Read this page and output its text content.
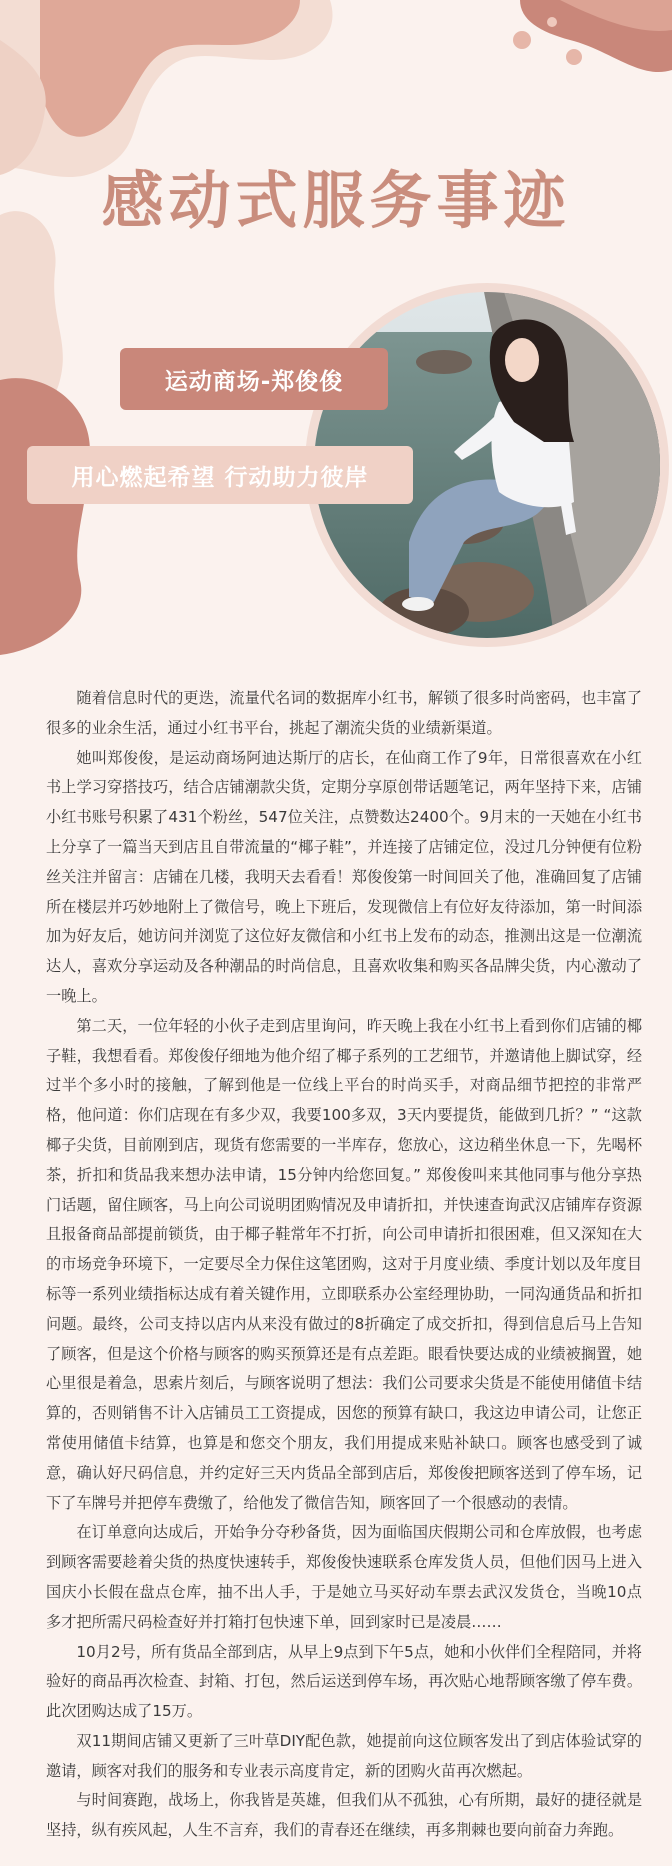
感动式服务事迹
运动商场-郑俊俊
用心燃起希望 行动助力彼岸

随着信息时代的更迭，流量代名词的数据库小红书，解锁了很多时尚密码，也丰富了很多的业余生活，通过小红书平台，挑起了潮流尖货的业绩新渠道。

她叫郑俊俊，是运动商场阿迪达斯厅的店长，在仙商工作了9年，日常很喜欢在小红书上学习穿搭技巧，结合店铺潮款尖货，定期分享原创带话题笔记，两年坚持下来，店铺小红书账号积累了431个粉丝，547位关注，点赞数达2400个。9月末的一天她在小红书上分享了一篇当天到店且自带流量的“椰子鞋”，并连接了店铺定位，没过几分钟便有位粉丝关注并留言：店铺在几楼，我明天去看看！郑俊俊第一时间回关了他，准确回复了店铺所在楼层并巧妙地附上了微信号，晚上下班后，发现微信上有位好友待添加，第一时间添加为好友后，她访问并浏览了这位好友微信和小红书上发布的动态，推测出这是一位潮流达人，喜欢分享运动及各种潮品的时尚信息，且喜欢收集和购买各品牌尖货，内心激动了一晚上。

第二天，一位年轻的小伙子走到店里询问，昨天晚上我在小红书上看到你们店铺的椰子鞋，我想看看。郑俊俊仔细地为他介绍了椰子系列的工艺细节，并邀请他上脚试穿，经过半个多小时的接触，了解到他是一位线上平台的时尚买手，对商品细节把控的非常严格，他问道：你们店现在有多少双，我要100多双，3天内要提货，能做到几折？” “这款椰子尖货，目前刚到店，现货有您需要的一半库存，您放心，这边稍坐休息一下，先喝杯茶，折扣和货品我来想办法申请，15分钟内给您回复。” 郑俊俊叫来其他同事与他分享热门话题，留住顾客，马上向公司说明团购情况及申请折扣，并快速查询武汉店铺库存资源且报备商品部提前锁货，由于椰子鞋常年不打折，向公司申请折扣很困难，但又深知在大的市场竞争环境下，一定要尽全力保住这笔团购，这对于月度业绩、季度计划以及年度目标等一系列业绩指标达成有着关键作用，立即联系办公室经理协助，一同沟通货品和折扣问题。最终，公司支持以店内从来没有做过的8折确定了成交折扣，得到信息后马上告知了顾客，但是这个价格与顾客的购买预算还是有点差距。眼看快要达成的业绩被搁置，她心里很是着急，思索片刻后，与顾客说明了想法：我们公司要求尖货是不能使用储值卡结算的，否则销售不计入店铺员工工资提成，因您的预算有缺口，我这边申请公司，让您正常使用储值卡结算，也算是和您交个朋友，我们用提成来贴补缺口。顾客也感受到了诚意，确认好尺码信息，并约定好三天内货品全部到店后，郑俊俊把顾客送到了停车场，记下了车牌号并把停车费缴了，给他发了微信告知，顾客回了一个很感动的表情。

在订单意向达成后，开始争分夺秒备货，因为面临国庆假期公司和仓库放假，也考虑到顾客需要趁着尖货的热度快速转手，郑俊俊快速联系仓库发货人员，但他们因马上进入国庆小长假在盘点仓库，抽不出人手，于是她立马买好动车票去武汉发货仓，当晚10点多才把所需尺码检查好并打箱打包快速下单，回到家时已是凌晨……

10月2号，所有货品全部到店，从早上9点到下午5点，她和小伙伴们全程陪同，并将验好的商品再次检查、封箱、打包，然后运送到停车场，再次贴心地帮顾客缴了停车费。此次团购达成了15万。

双11期间店铺又更新了三叶草DIY配色款，她提前向这位顾客发出了到店体验试穿的邀请，顾客对我们的服务和专业表示高度肯定，新的团购火苗再次燃起。

与时间赛跑，战场上，你我皆是英雄，但我们从不孤独，心有所期，最好的捷径就是坚持，纵有疾风起，人生不言弃，我们的青春还在继续，再多荆棘也要向前奋力奔跑。
